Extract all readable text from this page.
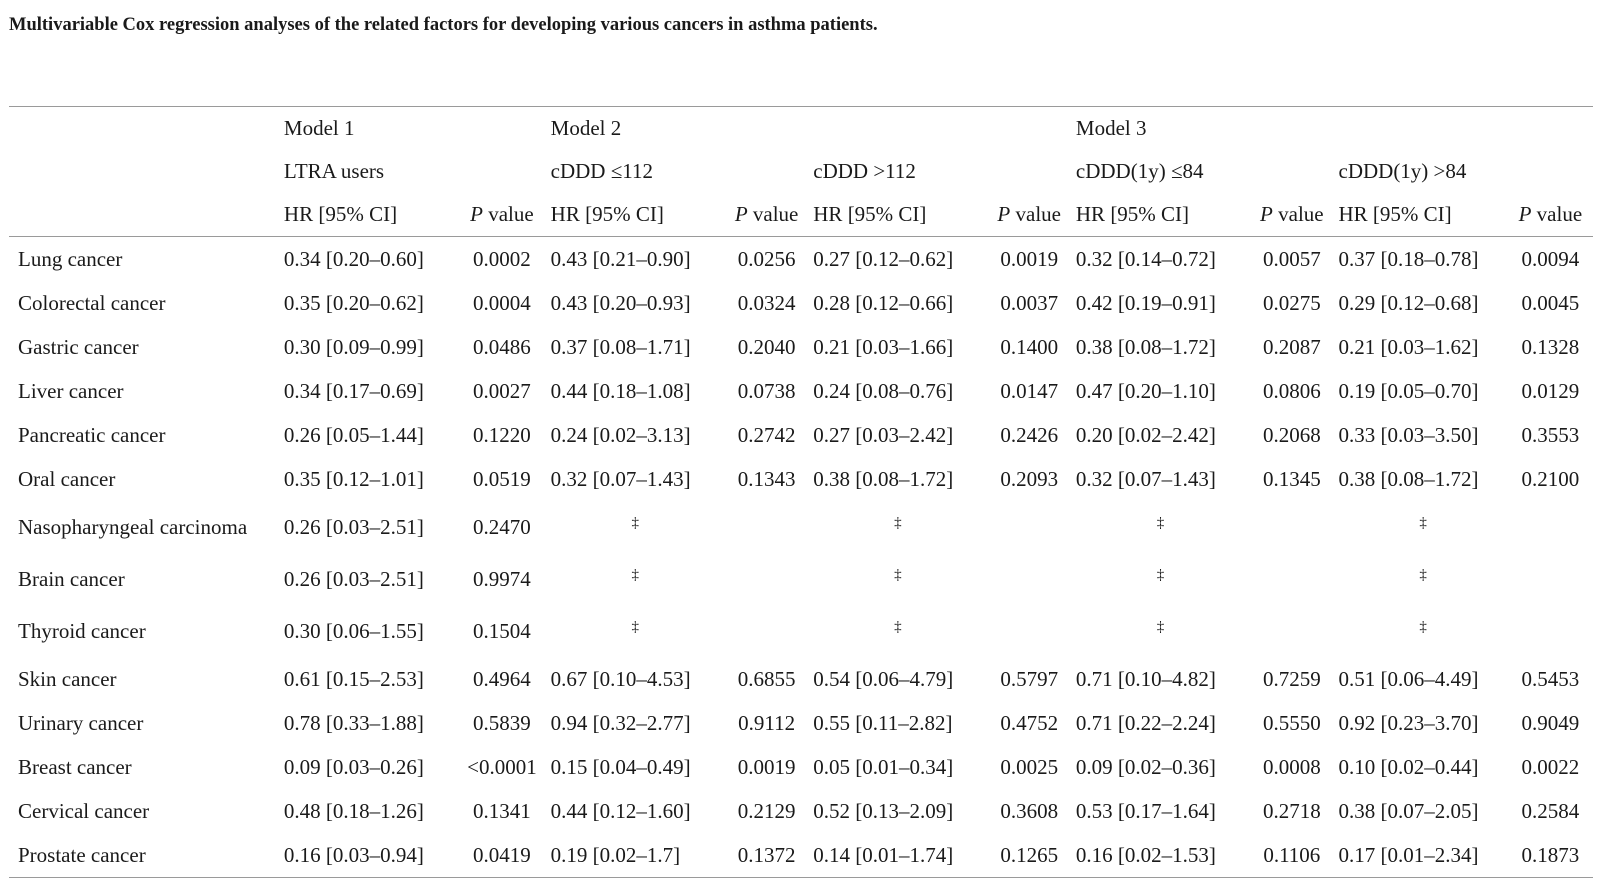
Multivariable Cox regression analyses of the related factors for developing various cancers in asthma patients.
	Model 1		Model 2				Model 3			
	LTRA users		cDDD ≤112		cDDD >112		cDDD(1y) ≤84		cDDD(1y) >84	
	HR [95% CI]	P value	HR [95% CI]	P value	HR [95% CI]	P value	HR [95% CI]	P value	HR [95% CI]	P value
Lung cancer	0.34 [0.20–0.60]	0.0002	0.43 [0.21–0.90]	0.0256	0.27 [0.12–0.62]	0.0019	0.32 [0.14–0.72]	0.0057	0.37 [0.18–0.78]	0.0094
Colorectal cancer	0.35 [0.20–0.62]	0.0004	0.43 [0.20–0.93]	0.0324	0.28 [0.12–0.66]	0.0037	0.42 [0.19–0.91]	0.0275	0.29 [0.12–0.68]	0.0045
Gastric cancer	0.30 [0.09–0.99]	0.0486	0.37 [0.08–1.71]	0.2040	0.21 [0.03–1.66]	0.1400	0.38 [0.08–1.72]	0.2087	0.21 [0.03–1.62]	0.1328
Liver cancer	0.34 [0.17–0.69]	0.0027	0.44 [0.18–1.08]	0.0738	0.24 [0.08–0.76]	0.0147	0.47 [0.20–1.10]	0.0806	0.19 [0.05–0.70]	0.0129
Pancreatic cancer	0.26 [0.05–1.44]	0.1220	0.24 [0.02–3.13]	0.2742	0.27 [0.03–2.42]	0.2426	0.20 [0.02–2.42]	0.2068	0.33 [0.03–3.50]	0.3553
Oral cancer	0.35 [0.12–1.01]	0.0519	0.32 [0.07–1.43]	0.1343	0.38 [0.08–1.72]	0.2093	0.32 [0.07–1.43]	0.1345	0.38 [0.08–1.72]	0.2100
Nasopharyngeal carcinoma	0.26 [0.03–2.51]	0.2470	‡		‡		‡		‡	
Brain cancer	0.26 [0.03–2.51]	0.9974	‡		‡		‡		‡	
Thyroid cancer	0.30 [0.06–1.55]	0.1504	‡		‡		‡		‡	
Skin cancer	0.61 [0.15–2.53]	0.4964	0.67 [0.10–4.53]	0.6855	0.54 [0.06–4.79]	0.5797	0.71 [0.10–4.82]	0.7259	0.51 [0.06–4.49]	0.5453
Urinary cancer	0.78 [0.33–1.88]	0.5839	0.94 [0.32–2.77]	0.9112	0.55 [0.11–2.82]	0.4752	0.71 [0.22–2.24]	0.5550	0.92 [0.23–3.70]	0.9049
Breast cancer	0.09 [0.03–0.26]	<0.0001	0.15 [0.04–0.49]	0.0019	0.05 [0.01–0.34]	0.0025	0.09 [0.02–0.36]	0.0008	0.10 [0.02–0.44]	0.0022
Cervical cancer	0.48 [0.18–1.26]	0.1341	0.44 [0.12–1.60]	0.2129	0.52 [0.13–2.09]	0.3608	0.53 [0.17–1.64]	0.2718	0.38 [0.07–2.05]	0.2584
Prostate cancer	0.16 [0.03–0.94]	0.0419	0.19 [0.02–1.7]	0.1372	0.14 [0.01–1.74]	0.1265	0.16 [0.02–1.53]	0.1106	0.17 [0.01–2.34]	0.1873
